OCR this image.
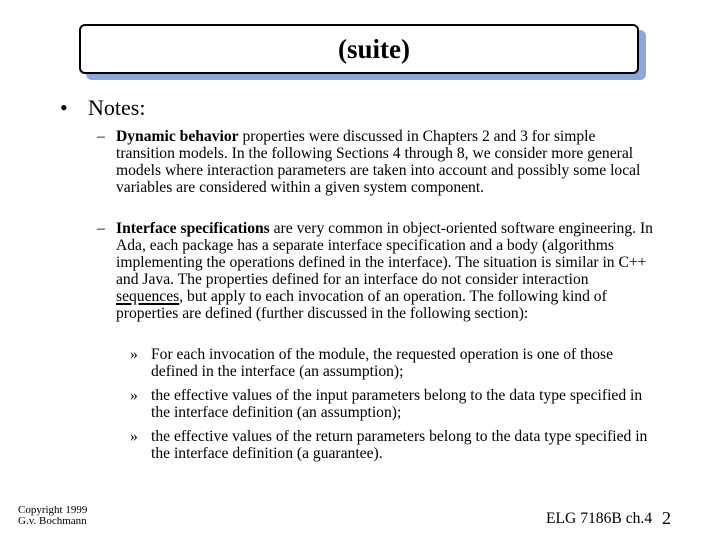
(suite)
• Notes:
– Dynamic behavior properties were discussed in Chapters 2 and 3 for simple transition models. In the following Sections 4 through 8, we consider more general models where interaction parameters are taken into account and possibly some local variables are considered within a given system component.
– Interface specifications are very common in object-oriented software engineering. In Ada, each package has a separate interface specification and a body (algorithms implementing the operations defined in the interface). The situation is similar in C++ and Java. The properties defined for an interface do not consider interaction sequences, but apply to each invocation of an operation. The following kind of properties are defined (further discussed in the following section):
» For each invocation of the module, the requested operation is one of those defined in the interface (an assumption);
» the effective values of the input parameters belong to the data type specified in the interface definition (an assumption);
» the effective values of the return parameters belong to the data type specified in the interface definition (a guarantee).
Copyright 1999
G.v. Bochmann	ELG 7186B ch.4 2
